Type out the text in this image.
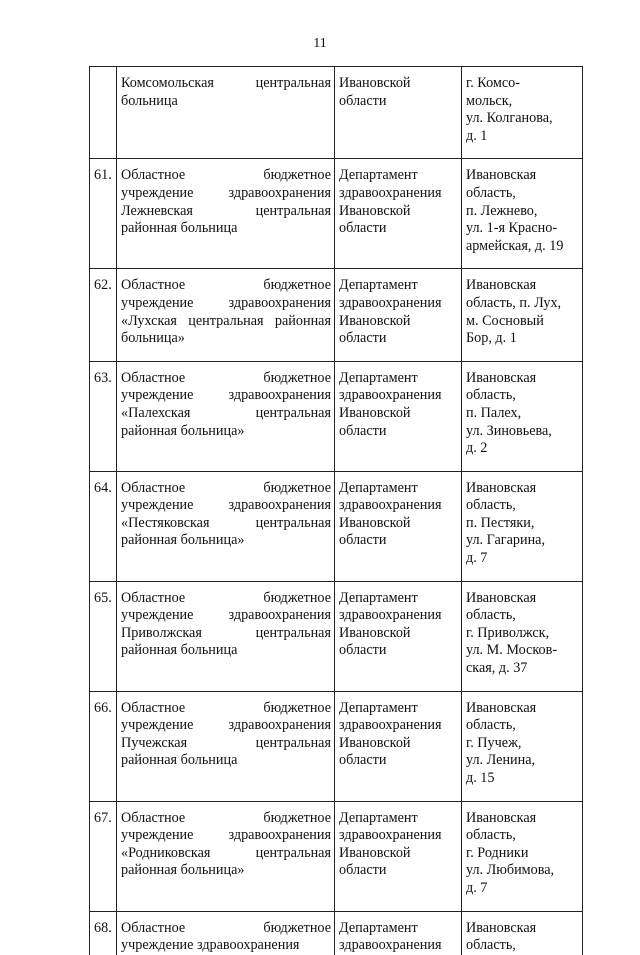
11

	Комсомольская центральная
больница	Ивановской
области	г. Комсо-
мольск,
ул. Колганова,
д. 1

61.	Областное бюджетное
учреждение здравоохранения
Лежневская центральная
районная больница	Департамент
здравоохранения
Ивановской
области	Ивановская
область,
п. Лежнево,
ул. 1-я Красно-
армейская, д. 19

62.	Областное бюджетное
учреждение здравоохранения
«Лухская центральная районная
больница»	Департамент
здравоохранения
Ивановской
области	Ивановская
область, п. Лух,
м. Сосновый
Бор, д. 1

63.	Областное бюджетное
учреждение здравоохранения
«Палехская центральная
районная больница»	Департамент
здравоохранения
Ивановской
области	Ивановская
область,
п. Палех,
ул. Зиновьева,
д. 2

64.	Областное бюджетное
учреждение здравоохранения
«Пестяковская центральная
районная больница»	Департамент
здравоохранения
Ивановской
области	Ивановская
область,
п. Пестяки,
ул. Гагарина,
д. 7

65.	Областное бюджетное
учреждение здравоохранения
Приволжская центральная
районная больница	Департамент
здравоохранения
Ивановской
области	Ивановская
область,
г. Приволжск,
ул. М. Москов-
ская, д. 37

66.	Областное бюджетное
учреждение здравоохранения
Пучежская центральная
районная больница	Департамент
здравоохранения
Ивановской
области	Ивановская
область,
г. Пучеж,
ул. Ленина,
д. 15

67.	Областное бюджетное
учреждение здравоохранения
«Родниковская центральная
районная больница»	Департамент
здравоохранения
Ивановской
области	Ивановская
область,
г. Родники
ул. Любимова,
д. 7

68.	Областное бюджетное
учреждение здравоохранения	Департамент
здравоохранения	Ивановская
область,
